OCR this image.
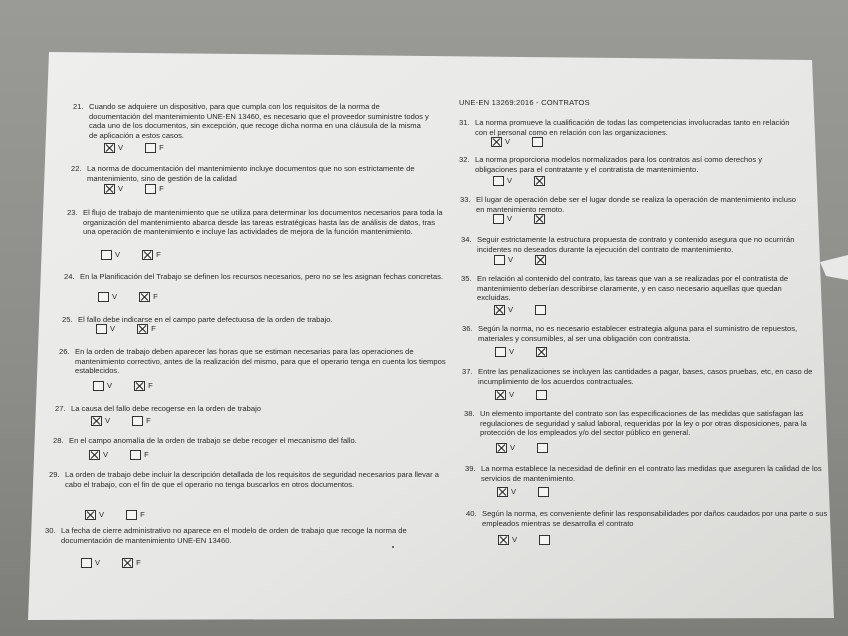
UNE-EN 13269:2016 - CONTRATOS
21. Cuando se adquiere un dispositivo, para que cumpla con los requisitos de la norma de documentación del mantenimiento UNE-EN 13460, es necesario que el proveedor suministre todos y cada uno de los documentos, sin excepción, que recoge dicha norma en una cláusula de la misma de aplicación a estos casos.
V	F
22. La norma de documentación del mantenimiento incluye documentos que no son estrictamente de mantenimiento, sino de gestión de la calidad
V	F
23. El flujo de trabajo de mantenimiento que se utiliza para determinar los documentos necesarios para toda la organización del mantenimiento abarca desde las tareas estratégicas hasta las de análisis de datos, tras una operación de mantenimiento e incluye las actividades de mejora de la función mantenimiento.
V	F
24. En la Planificación del Trabajo se definen los recursos necesarios, pero no se les asignan fechas concretas.
V	F
25. El fallo debe indicarse en el campo parte defectuosa de la orden de trabajo.
V	F
26. En la orden de trabajo deben aparecer las horas que se estiman necesarias para las operaciones de mantenimiento correctivo, antes de la realización del mismo, para que el operario tenga en cuenta los tiempos establecidos.
V	F
27. La causa del fallo debe recogerse en la orden de trabajo
V	F
28. En el campo anomalía de la orden de trabajo se debe recoger el mecanismo del fallo.
V	F
29. La orden de trabajo debe incluir la descripción detallada de los requisitos de seguridad necesarios para llevar a cabo el trabajo, con el fin de que el operario no tenga buscarlos en otros documentos.
V	F
30. La fecha de cierre administrativo no aparece en el modelo de orden de trabajo que recoge la norma de documentación de mantenimiento UNE-EN 13460.
V	F
31. La norma promueve la cualificación de todas las competencias involucradas tanto en relación con el personal como en relación con las organizaciones.
V
32. La norma proporciona modelos normalizados para los contratos así como derechos y obligaciones para el contratante y el contratista de mantenimiento.
V
33. El lugar de operación debe ser el lugar donde se realiza la operación de mantenimiento incluso en mantenimiento remoto.
V
34. Seguir estrictamente la estructura propuesta de contrato y contenido asegura que no ocurrirán incidentes no deseados durante la ejecución del contrato de mantenimiento.
V
35. En relación al contenido del contrato, las tareas que van a se realizadas por el contratista de mantenimiento deberían describirse claramente, y en caso necesario aquellas que quedan excluidas.
V
36. Según la norma, no es necesario establecer estrategia alguna para el suministro de repuestos, materiales y consumibles, al ser una obligación con contratista.
V
37. Entre las penalizaciones se incluyen las cantidades a pagar, bases, casos pruebas, etc, en caso de incumplimiento de los acuerdos contractuales.
V
38. Un elemento importante del contrato son las especificaciones de las medidas que satisfagan las regulaciones de seguridad y salud laboral, requeridas por la ley o por otras disposiciones, para la protección de los empleados y/o del sector público en general.
V
39. La norma establece la necesidad de definir en el contrato las medidas que aseguren la calidad de los servicios de mantenimiento.
V
40. Según la norma, es conveniente definir las responsabilidades por daños caudados por una parte o sus empleados mientras se desarrolla el contrato
V
